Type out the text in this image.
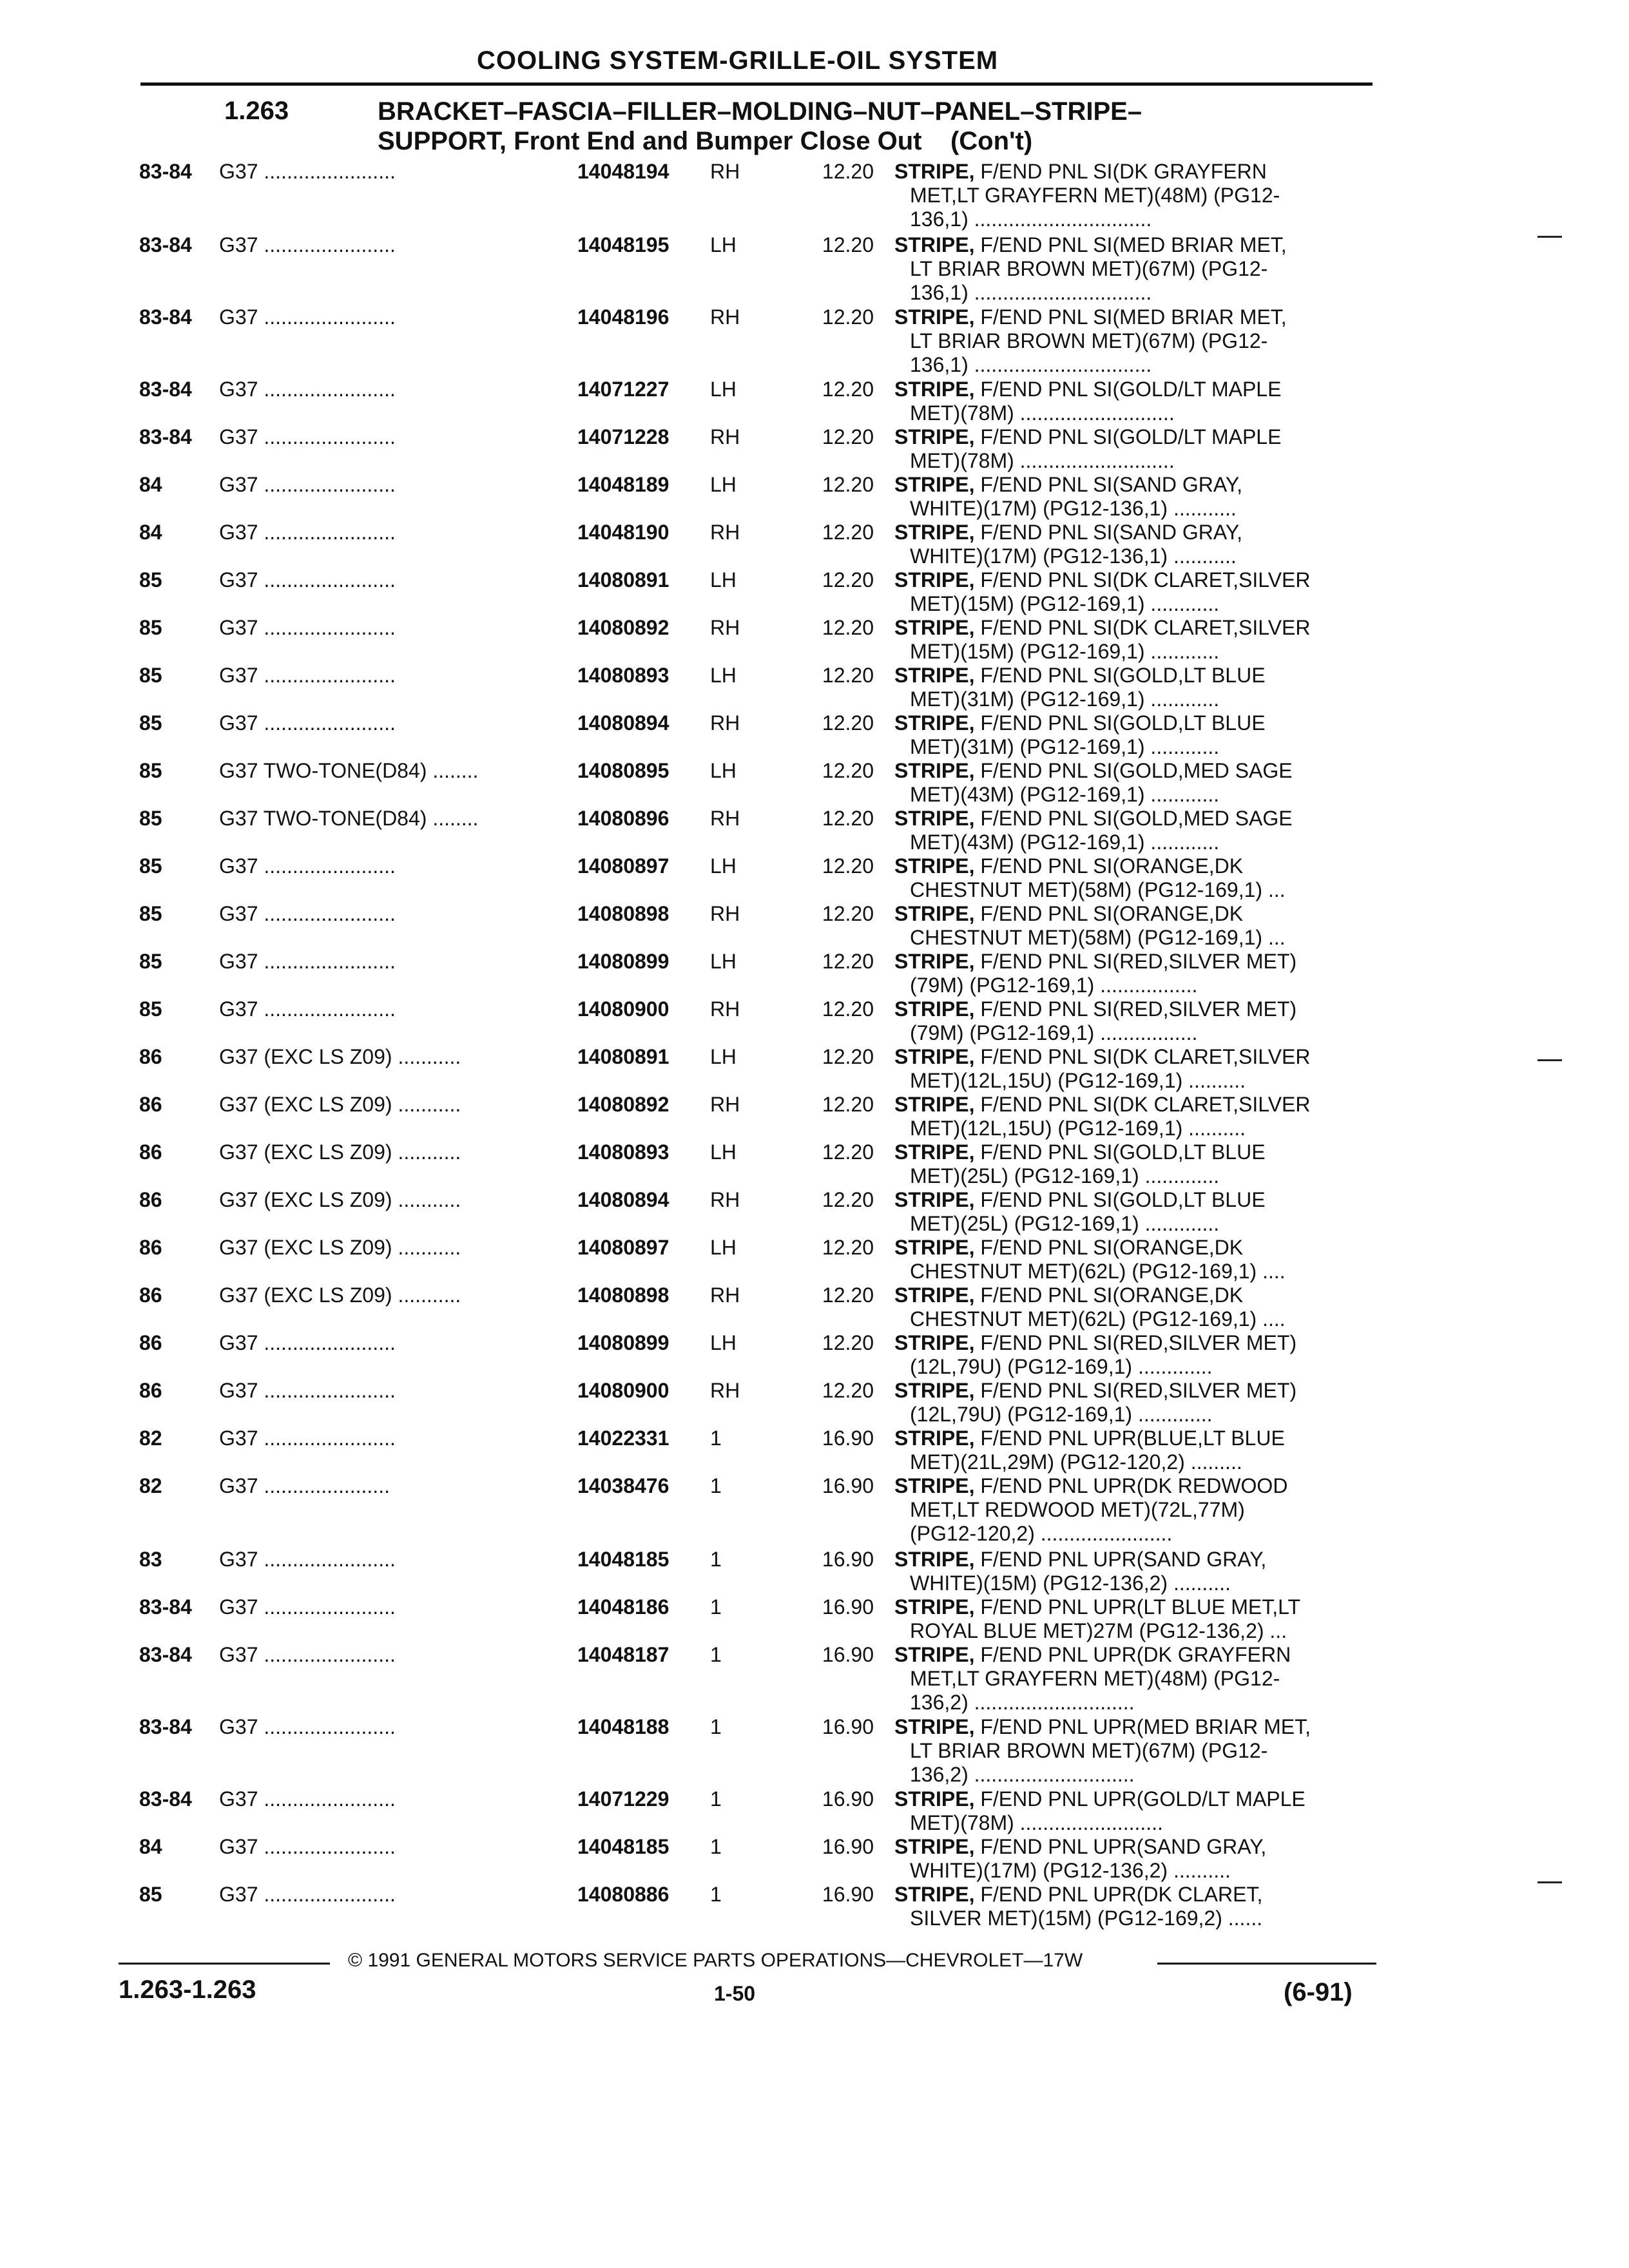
COOLING SYSTEM-GRILLE-OIL SYSTEM
1.263	BRACKET–FASCIA–FILLER–MOLDING–NUT–PANEL–STRIPE–
SUPPORT, Front End and Bumper Close Out    (Con't)
83-84 G37 .......................	14048194 RH	12.20 STRIPE, F/END PNL SI(DK GRAYFERN
MET,LT GRAYFERN MET)(48M) (PG12-
136,1) ...............................
83-84 G37 .......................	14048195 LH	12.20 STRIPE, F/END PNL SI(MED BRIAR MET,
LT BRIAR BROWN MET)(67M) (PG12-
136,1) ...............................
83-84 G37 .......................	14048196 RH	12.20 STRIPE, F/END PNL SI(MED BRIAR MET,
LT BRIAR BROWN MET)(67M) (PG12-
136,1) ...............................
83-84 G37 .......................	14071227 LH	12.20 STRIPE, F/END PNL SI(GOLD/LT MAPLE
MET)(78M) ...........................
83-84 G37 .......................	14071228 RH	12.20 STRIPE, F/END PNL SI(GOLD/LT MAPLE
MET)(78M) ...........................
84	G37 .......................	14048189 LH	12.20 STRIPE, F/END PNL SI(SAND GRAY,
WHITE)(17M) (PG12-136,1) ...........
84	G37 .......................	14048190 RH	12.20 STRIPE, F/END PNL SI(SAND GRAY,
WHITE)(17M) (PG12-136,1) ...........
85	G37 .......................	14080891 LH	12.20 STRIPE, F/END PNL SI(DK CLARET,SILVER
MET)(15M) (PG12-169,1) ............
85	G37 .......................	14080892 RH	12.20 STRIPE, F/END PNL SI(DK CLARET,SILVER
MET)(15M) (PG12-169,1) ............
85	G37 .......................	14080893 LH	12.20 STRIPE, F/END PNL SI(GOLD,LT BLUE
MET)(31M) (PG12-169,1) ............
85	G37 .......................	14080894 RH	12.20 STRIPE, F/END PNL SI(GOLD,LT BLUE
MET)(31M) (PG12-169,1) ............
85	G37 TWO-TONE(D84) ........	14080895 LH	12.20 STRIPE, F/END PNL SI(GOLD,MED SAGE
MET)(43M) (PG12-169,1) ............
85	G37 TWO-TONE(D84) ........	14080896 RH	12.20 STRIPE, F/END PNL SI(GOLD,MED SAGE
MET)(43M) (PG12-169,1) ............
85	G37 .......................	14080897 LH	12.20 STRIPE, F/END PNL SI(ORANGE,DK
CHESTNUT MET)(58M) (PG12-169,1) ...
85	G37 .......................	14080898 RH	12.20 STRIPE, F/END PNL SI(ORANGE,DK
CHESTNUT MET)(58M) (PG12-169,1) ...
85	G37 .......................	14080899 LH	12.20 STRIPE, F/END PNL SI(RED,SILVER MET)
(79M) (PG12-169,1) .................
85	G37 .......................	14080900 RH	12.20 STRIPE, F/END PNL SI(RED,SILVER MET)
(79M) (PG12-169,1) .................
86	G37 (EXC LS Z09) ...........	14080891 LH	12.20 STRIPE, F/END PNL SI(DK CLARET,SILVER
MET)(12L,15U) (PG12-169,1) ..........
86	G37 (EXC LS Z09) ...........	14080892 RH	12.20 STRIPE, F/END PNL SI(DK CLARET,SILVER
MET)(12L,15U) (PG12-169,1) ..........
86	G37 (EXC LS Z09) ...........	14080893 LH	12.20 STRIPE, F/END PNL SI(GOLD,LT BLUE
MET)(25L) (PG12-169,1) .............
86	G37 (EXC LS Z09) ...........	14080894 RH	12.20 STRIPE, F/END PNL SI(GOLD,LT BLUE
MET)(25L) (PG12-169,1) .............
86	G37 (EXC LS Z09) ...........	14080897 LH	12.20 STRIPE, F/END PNL SI(ORANGE,DK
CHESTNUT MET)(62L) (PG12-169,1) ....
86	G37 (EXC LS Z09) ...........	14080898 RH	12.20 STRIPE, F/END PNL SI(ORANGE,DK
CHESTNUT MET)(62L) (PG12-169,1) ....
86	G37 .......................	14080899 LH	12.20 STRIPE, F/END PNL SI(RED,SILVER MET)
(12L,79U) (PG12-169,1) .............
86	G37 .......................	14080900 RH	12.20 STRIPE, F/END PNL SI(RED,SILVER MET)
(12L,79U) (PG12-169,1) .............
82	G37 .......................	14022331 1	16.90 STRIPE, F/END PNL UPR(BLUE,LT BLUE
MET)(21L,29M) (PG12-120,2) .........
82	G37 ......................	14038476 1	16.90 STRIPE, F/END PNL UPR(DK REDWOOD
MET,LT REDWOOD MET)(72L,77M)
(PG12-120,2) .......................
83	G37 .......................	14048185 1	16.90 STRIPE, F/END PNL UPR(SAND GRAY,
WHITE)(15M) (PG12-136,2) ..........
83-84 G37 .......................	14048186 1	16.90 STRIPE, F/END PNL UPR(LT BLUE MET,LT
ROYAL BLUE MET)27M (PG12-136,2) ...
83-84 G37 .......................	14048187 1	16.90 STRIPE, F/END PNL UPR(DK GRAYFERN
MET,LT GRAYFERN MET)(48M) (PG12-
136,2) ............................
83-84 G37 .......................	14048188 1	16.90 STRIPE, F/END PNL UPR(MED BRIAR MET,
LT BRIAR BROWN MET)(67M) (PG12-
136,2) ............................
83-84 G37 .......................	14071229 1	16.90 STRIPE, F/END PNL UPR(GOLD/LT MAPLE
MET)(78M) .........................
84	G37 .......................	14048185 1	16.90 STRIPE, F/END PNL UPR(SAND GRAY,
WHITE)(17M) (PG12-136,2) ..........
85	G37 .......................	14080886 1	16.90 STRIPE, F/END PNL UPR(DK CLARET,
SILVER MET)(15M) (PG12-169,2) ......
© 1991 GENERAL MOTORS SERVICE PARTS OPERATIONS—CHEVROLET—17W
1.263-1.263	1-50	(6-91)
